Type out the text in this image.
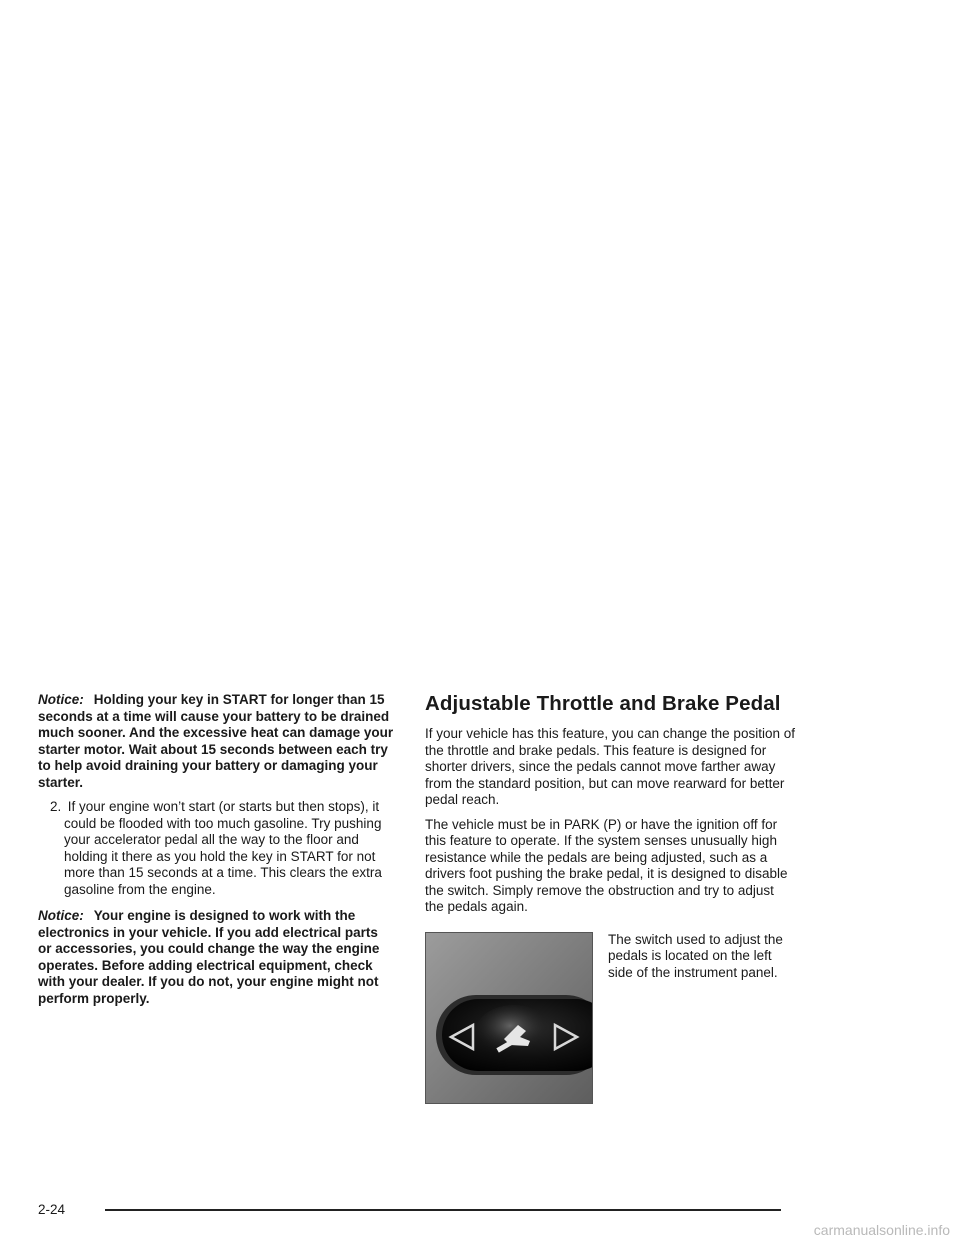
Notice: Holding your key in START for longer than 15 seconds at a time will cause your battery to be drained much sooner. And the excessive heat can damage your starter motor. Wait about 15 seconds between each try to help avoid draining your battery or damaging your starter.

2. If your engine won’t start (or starts but then stops), it could be flooded with too much gasoline. Try pushing your accelerator pedal all the way to the floor and holding it there as you hold the key in START for not more than 15 seconds at a time. This clears the extra gasoline from the engine.

Notice: Your engine is designed to work with the electronics in your vehicle. If you add electrical parts or accessories, you could change the way the engine operates. Before adding electrical equipment, check with your dealer. If you do not, your engine might not perform properly.

Adjustable Throttle and Brake Pedal

If your vehicle has this feature, you can change the position of the throttle and brake pedals. This feature is designed for shorter drivers, since the pedals cannot move farther away from the standard position, but can move rearward for better pedal reach.

The vehicle must be in PARK (P) or have the ignition off for this feature to operate. If the system senses unusually high resistance while the pedals are being adjusted, such as a drivers foot pushing the brake pedal, it is designed to disable the switch. Simply remove the obstruction and try to adjust the pedals again.

The switch used to adjust the pedals is located on the left side of the instrument panel.

2-24
carmanualsonline.info
